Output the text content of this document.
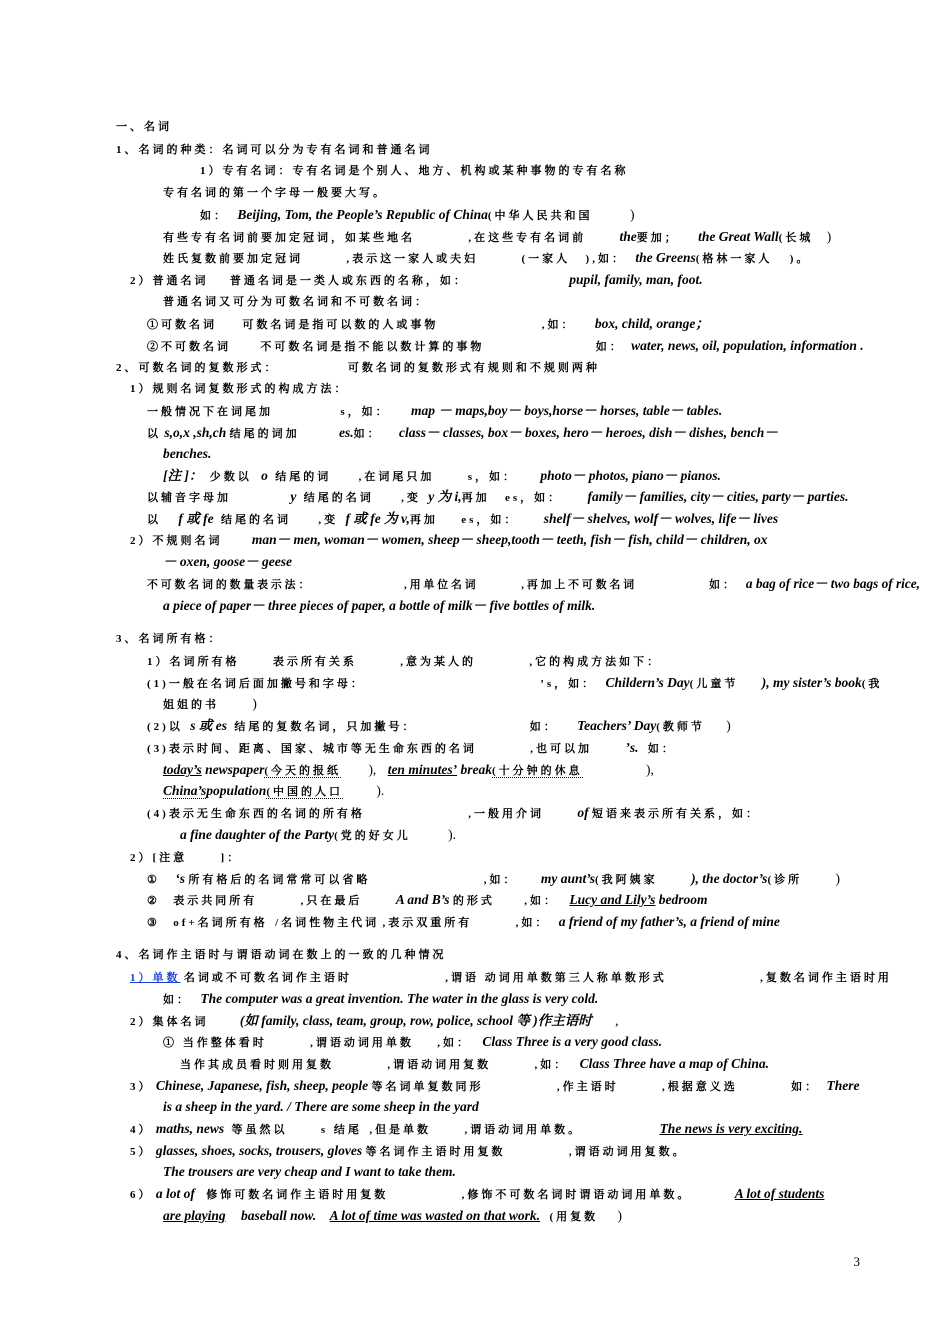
一、名词
1、名词的种类：名词可以分为专有名词和普通名词
1）专有名词：专有名词是个别人、地方、机构或某种事物的专有名称
专有名词的第一个字母一般要大写。
如： Beijing, Tom, the People’s Republic of China(中华人民共和国	)
有些专有名词前要加定冠词，如某些地名	,在这些专有名词前 the要加； the Great Wall(长城 )
姓氏复数前要加定冠词	,表示这一家人或夫妇	(一家人 ),如： the Greens(格林一家人 )。
2）普通名词 普通名词是一类人或东西的名称，如：	pupil, family, man, foot.
普通名词又可分为可数名词和不可数名词：
①可数名词 可数名词是指可以数的人或事物	,如： box, child, orange；
②不可数名词	不可数名词是指不能以数计算的事物	如： water, news, oil, population, information .
2、可数名词的复数形式：	可数名词的复数形式有规则和不规则两种
1）规则名词复数形式的构成方法：
一般情况下在词尾加	s，如： map － maps,boy－ boys,horse－ horses, table－ tables.
以 s,o,x ,sh,ch 结尾的词加	es.如： class－ classes, box－ boxes, hero－ heroes, dish－ dishes, bench－
benches.
[注 ]： 少数以 o 结尾的词 ,在词尾只加	s，如： photo－ photos, piano－ pianos.
以辅音字母加	y 结尾的名词 ,变 y 为 i,再加 es，如： family－ families, city－ cities, party－ parties.
以 f 或 fe 结尾的名词 ,变 f 或 fe 为 v,再加 es，如： shelf－ shelves, wolf－ wolves, life－ lives
2）不规则名词 man－ men, woman－ women, sheep－ sheep,tooth－ teeth, fish－ fish, child－ children, ox
－ oxen, goose－ geese
不可数名词的数量表示法：	,用单位名词	,再加上不可数名词	如： a bag of rice－ two bags of rice,
a piece of paper－ three pieces of paper, a bottle of milk－ five bottles of milk.
3、名词所有格：
1）名词所有格	表示所有关系	,意为某人的	,它的构成方法如下：
(1)一般在名词后面加撇号和字母：	’s，如： Childern’s Day(儿童节 ), my sister’s book(我
姐姐的书 )
(2)以 s 或 es 结尾的复数名词，只加撇号：	如： Teachers’ Day(教师节 )
(3)表示时间、距离、国家、城市等无生命东西的名词	,也可以加 ’s. 如：
today’s newspaper(今天的报纸 ), ten minutes’ break(十分钟的休息	),
China’spopulation(中国的人口 ).
(4)表示无生命东西的名词的所有格	,一般用介词 of 短语来表示所有关系，如：
a fine daughter of the Party(党的好女儿	).
2）[注意	]：
① ‘s 所有格后的名词常常可以省略	,如： my aunt’s(我阿姨家 ), the doctor’s(诊所 )
② 表示共同所有	,只在最后 A and B’s 的形式	,如： Lucy and Lily’s bedroom
③ of+名词所有格 /名词性物主代词 ,表示双重所有	,如： a friend of my father’s, a friend of mine
4、名词作主语时与谓语动词在数上的一致的几种情况
1）单数 名词或不可数名词作主语时	,谓语 动词用单数第三人称单数形式	,复数名词作主语时用
如： The computer was a great invention. The water in the glass is very cold.
2）集体名词 (如 family, class, team, group, row, police, school 等 )作主语时 ,
① 当作整体看时	,谓语动词用单数 ,如： Class Three is a very good class.
当作其成员看时则用复数	,谓语动词用复数	,如： Class Three have a map of China.
3） Chinese, Japanese, fish, sheep, people 等名词单复数同形	,作主语时	,根据意义选	如： There
is a sheep in the yard. / There are some sheep in the yard
4） maths, news 等虽然以	s 结尾 ,但是单数	,谓语动词用单数。	The news is very exciting.
5） glasses, shoes, socks, trousers, gloves 等名词作主语时用复数	,谓语动词用复数。
The trousers are very cheap and I want to take them.
6） a lot of 修饰可数名词作主语时用复数	,修饰不可数名词时谓语动词用单数。	A lot of students
are playing baseball now. A lot of time was wasted on that work. (用复数 )
3
